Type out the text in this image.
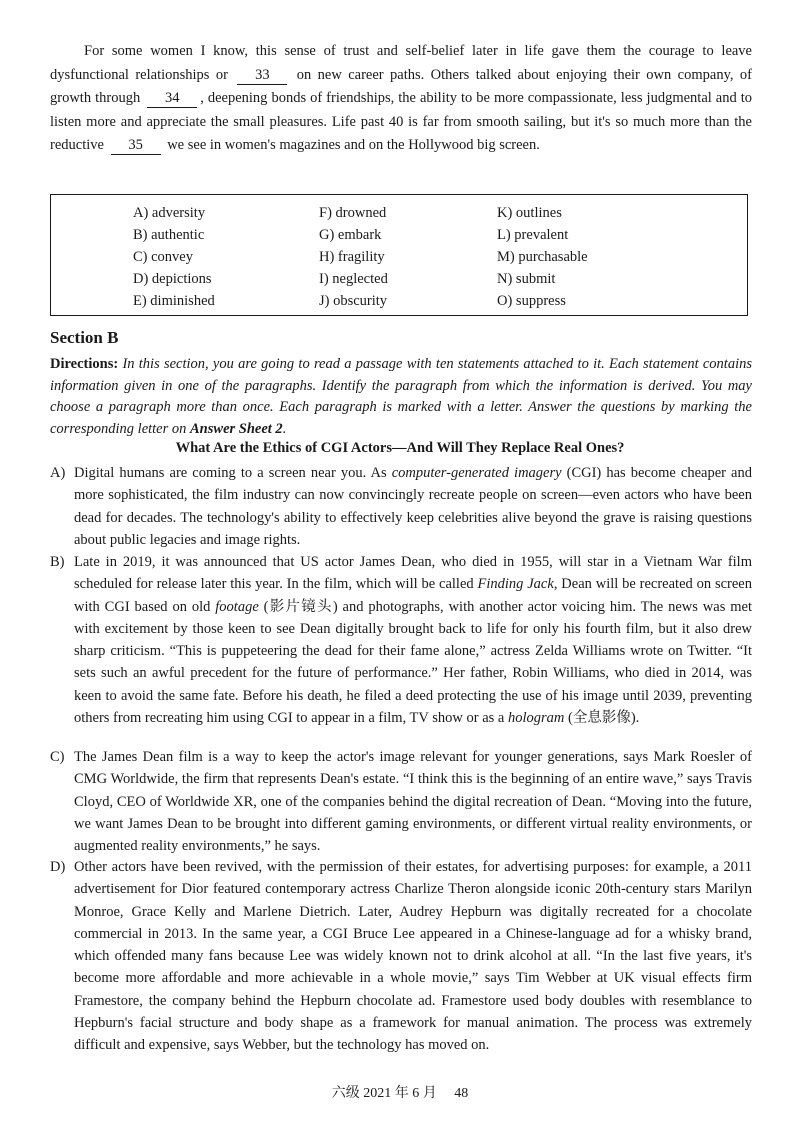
For some women I know, this sense of trust and self-belief later in life gave them the courage to leave dysfunctional relationships or 33 on new career paths. Others talked about enjoying their own company, of growth through 34 , deepening bonds of friendships, the ability to be more compassionate, less judgmental and to listen more and appreciate the small pleasures. Life past 40 is far from smooth sailing, but it's so much more than the reductive 35 we see in women's magazines and on the Hollywood big screen.

A) adversity
B) authentic
C) convey
D) depictions
E) diminished
F) drowned
G) embark
H) fragility
I) neglected
J) obscurity
K) outlines
L) prevalent
M) purchasable
N) submit
O) suppress
Section B

Directions: In this section, you are going to read a passage with ten statements attached to it. Each statement contains information given in one of the paragraphs. Identify the paragraph from which the information is derived. You may choose a paragraph more than once. Each paragraph is marked with a letter. Answer the questions by marking the corresponding letter on Answer Sheet 2.

What Are the Ethics of CGI Actors—And Will They Replace Real Ones?

A) Digital humans are coming to a screen near you. As computer-generated imagery (CGI) has become cheaper and more sophisticated, the film industry can now convincingly recreate people on screen—even actors who have been dead for decades. The technology's ability to effectively keep celebrities alive beyond the grave is raising questions about public legacies and image rights.

B) Late in 2019, it was announced that US actor James Dean, who died in 1955, will star in a Vietnam War film scheduled for release later this year. In the film, which will be called Finding Jack, Dean will be recreated on screen with CGI based on old footage (影片镜头) and photographs, with another actor voicing him. The news was met with excitement by those keen to see Dean digitally brought back to life for only his fourth film, but it also drew sharp criticism. “This is puppeteering the dead for their fame alone,” actress Zelda Williams wrote on Twitter. “It sets such an awful precedent for the future of performance.” Her father, Robin Williams, who died in 2014, was keen to avoid the same fate. Before his death, he filed a deed protecting the use of his image until 2039, preventing others from recreating him using CGI to appear in a film, TV show or as a hologram (全息影像).

C) The James Dean film is a way to keep the actor's image relevant for younger generations, says Mark Roesler of CMG Worldwide, the firm that represents Dean's estate. “I think this is the beginning of an entire wave,” says Travis Cloyd, CEO of Worldwide XR, one of the companies behind the digital recreation of Dean. “Moving into the future, we want James Dean to be brought into different gaming environments, or different virtual reality environments, or augmented reality environments,” he says.

D) Other actors have been revived, with the permission of their estates, for advertising purposes: for example, a 2011 advertisement for Dior featured contemporary actress Charlize Theron alongside iconic 20th-century stars Marilyn Monroe, Grace Kelly and Marlene Dietrich. Later, Audrey Hepburn was digitally recreated for a chocolate commercial in 2013. In the same year, a CGI Bruce Lee appeared in a Chinese-language ad for a whisky brand, which offended many fans because Lee was widely known not to drink alcohol at all. “In the last five years, it's become more affordable and more achievable in a whole movie,” says Tim Webber at UK visual effects firm Framestore, the company behind the Hepburn chocolate ad. Framestore used body doubles with resemblance to Hepburn's facial structure and body shape as a framework for manual animation. The process was extremely difficult and expensive, says Webber, but the technology has moved on.

六级 2021 年 6 月　 48
